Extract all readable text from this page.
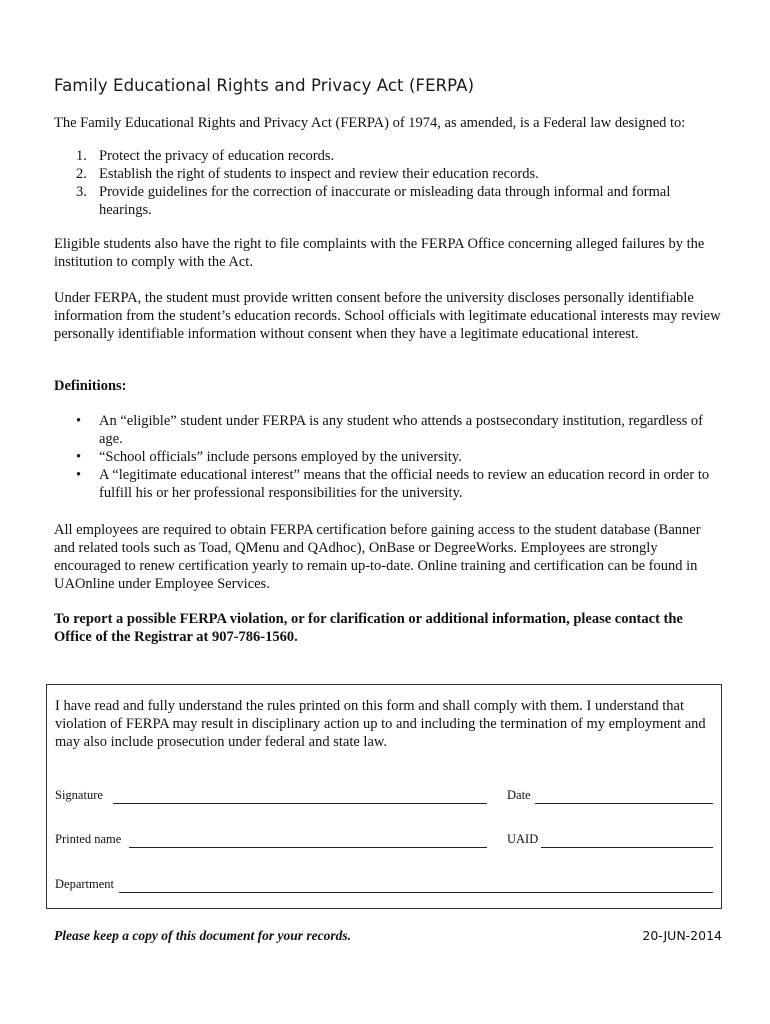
Family Educational Rights and Privacy Act (FERPA)

The Family Educational Rights and Privacy Act (FERPA) of 1974, as amended, is a Federal law designed to:

1. Protect the privacy of education records.
2. Establish the right of students to inspect and review their education records.
3. Provide guidelines for the correction of inaccurate or misleading data through informal and formal hearings.

Eligible students also have the right to file complaints with the FERPA Office concerning alleged failures by the institution to comply with the Act.

Under FERPA, the student must provide written consent before the university discloses personally identifiable information from the student’s education records. School officials with legitimate educational interests may review personally identifiable information without consent when they have a legitimate educational interest.

Definitions:

• An “eligible” student under FERPA is any student who attends a postsecondary institution, regardless of age.
• “School officials” include persons employed by the university.
• A “legitimate educational interest” means that the official needs to review an education record in order to fulfill his or her professional responsibilities for the university.

All employees are required to obtain FERPA certification before gaining access to the student database (Banner and related tools such as Toad, QMenu and QAdhoc), OnBase or DegreeWorks. Employees are strongly encouraged to renew certification yearly to remain up-to-date. Online training and certification can be found in UAOnline under Employee Services.

To report a possible FERPA violation, or for clarification or additional information, please contact the Office of the Registrar at 907-786-1560.

I have read and fully understand the rules printed on this form and shall comply with them. I understand that violation of FERPA may result in disciplinary action up to and including the termination of my employment and may also include prosecution under federal and state law.

Signature	Date
Printed name	UAID
Department

Please keep a copy of this document for your records.	20-JUN-2014
